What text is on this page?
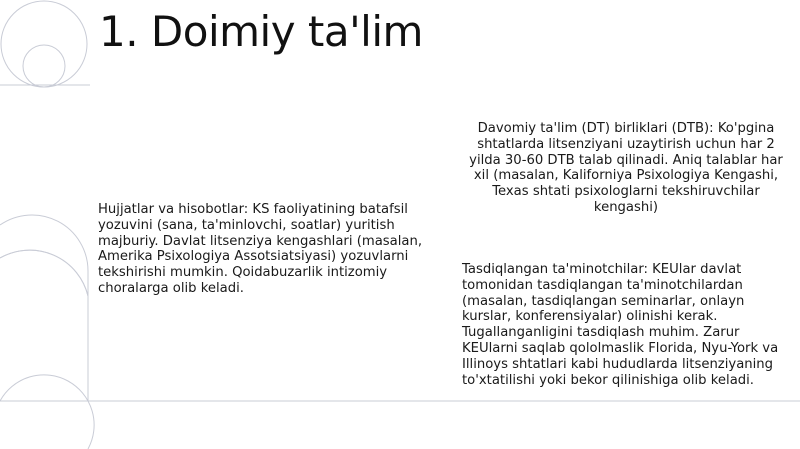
1. Doimiy ta'lim

Hujjatlar va hisobotlar: KS faoliyatining batafsil yozuvini (sana, ta'minlovchi, soatlar) yuritish majburiy. Davlat litsenziya kengashlari (masalan, Amerika Psixologiya Assotsiatsiyasi) yozuvlarni tekshirishi mumkin. Qoidabuzarlik intizomiy choralarga olib keladi.

Davomiy ta'lim (DT) birliklari (DTB): Ko'pgina shtatlarda litsenziyani uzaytirish uchun har 2 yilda 30-60 DTB talab qilinadi. Aniq talablar har xil (masalan, Kaliforniya Psixologiya Kengashi, Texas shtati psixologlarni tekshiruvchilar kengashi)

Tasdiqlangan ta'minotchilar: KEUlar davlat tomonidan tasdiqlangan ta'minotchilardan (masalan, tasdiqlangan seminarlar, onlayn kurslar, konferensiyalar) olinishi kerak. Tugallanganligini tasdiqlash muhim. Zarur KEUlarni saqlab qololmaslik Florida, Nyu-York va Illinoys shtatlari kabi hududlarda litsenziyaning to'xtatilishi yoki bekor qilinishiga olib keladi.
